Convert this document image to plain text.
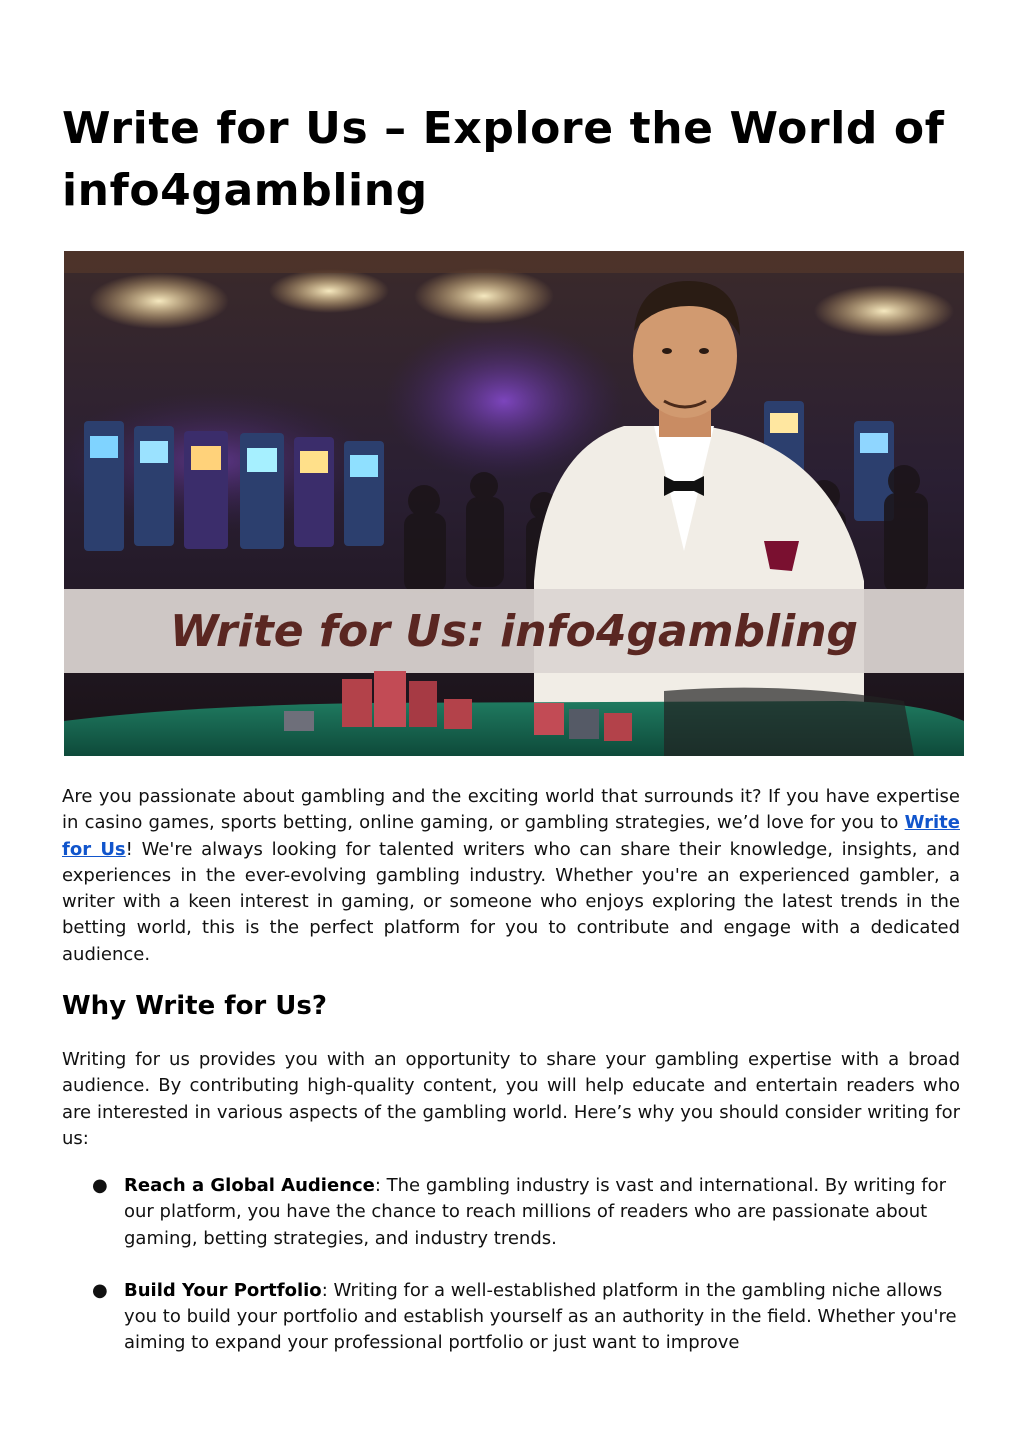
Write for Us – Explore the World of info4gambling
Write for Us: info4gambling

Are you passionate about gambling and the exciting world that surrounds it? If you have expertise in casino games, sports betting, online gaming, or gambling strategies, we’d love for you to Write for Us! We're always looking for talented writers who can share their knowledge, insights, and experiences in the ever-evolving gambling industry. Whether you're an experienced gambler, a writer with a keen interest in gaming, or someone who enjoys exploring the latest trends in the betting world, this is the perfect platform for you to contribute and engage with a dedicated audience.

Why Write for Us?

Writing for us provides you with an opportunity to share your gambling expertise with a broad audience. By contributing high-quality content, you will help educate and entertain readers who are interested in various aspects of the gambling world. Here’s why you should consider writing for us:

● Reach a Global Audience: The gambling industry is vast and international. By writing for our platform, you have the chance to reach millions of readers who are passionate about gaming, betting strategies, and industry trends.
● Build Your Portfolio: Writing for a well-established platform in the gambling niche allows you to build your portfolio and establish yourself as an authority in the field. Whether you're aiming to expand your professional portfolio or just want to improve
